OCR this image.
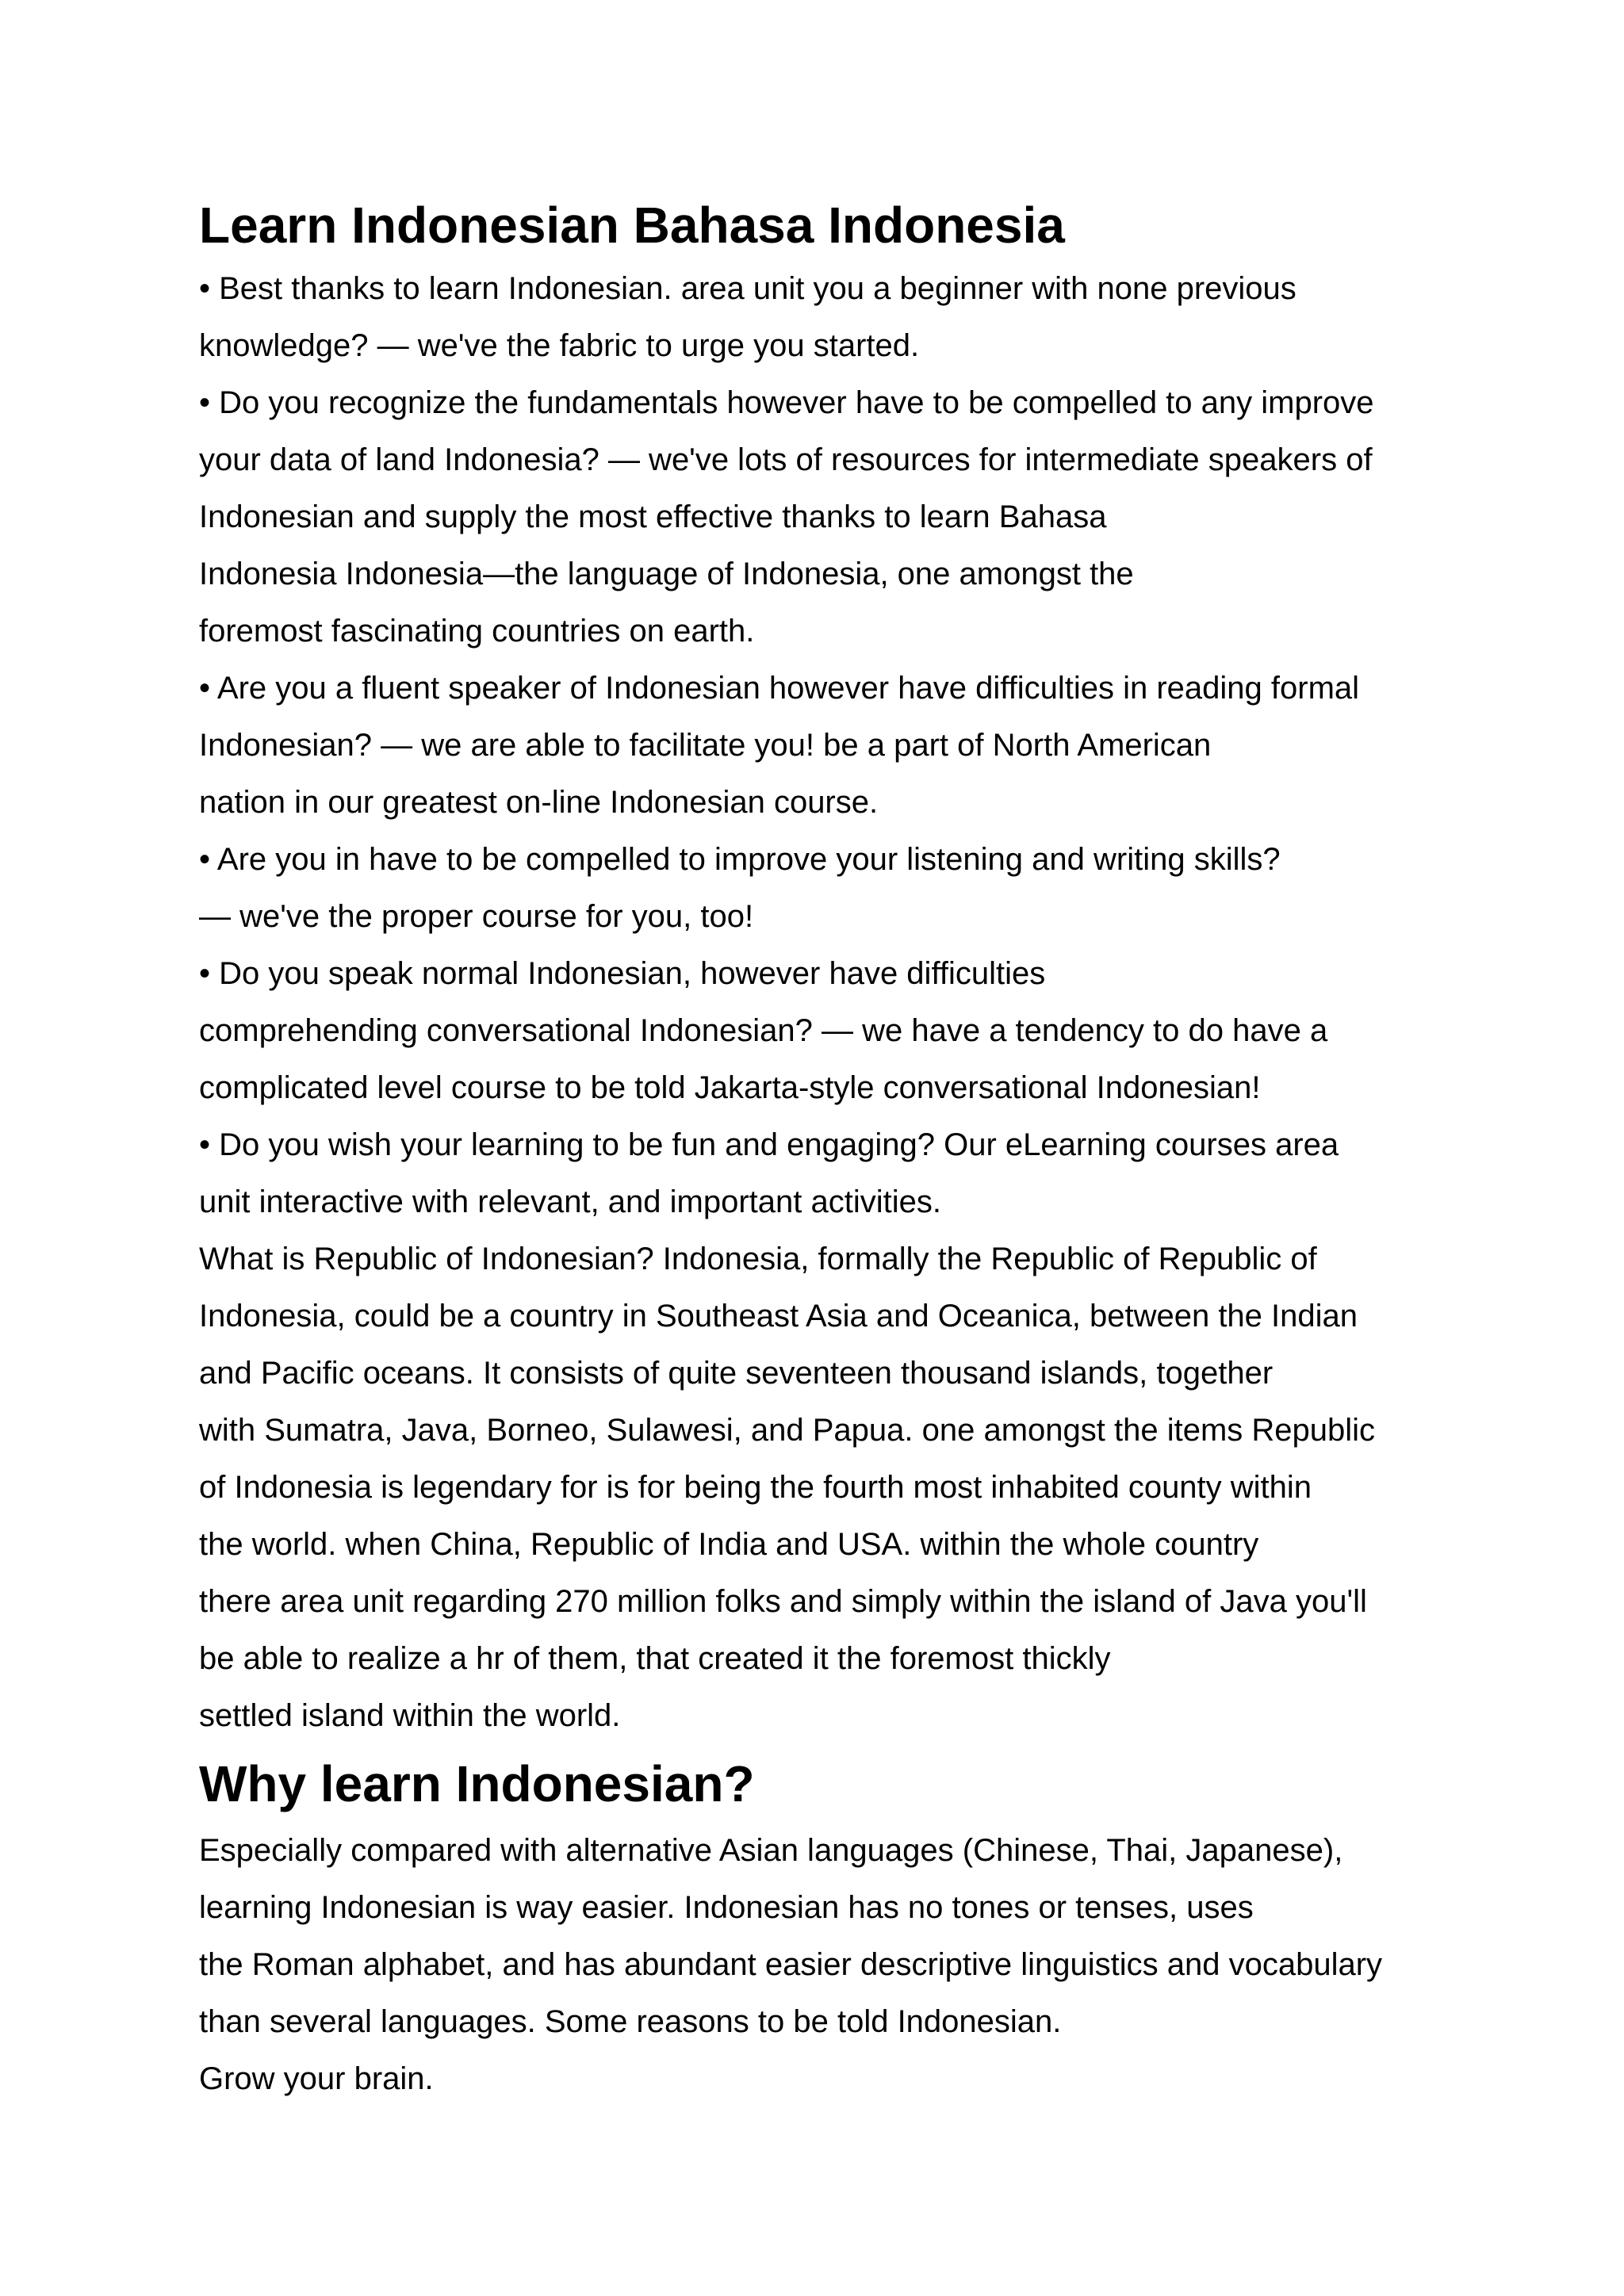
Learn Indonesian Bahasa Indonesia
• Best thanks to learn Indonesian. area unit you a beginner with none previous
knowledge? — we've the fabric to urge you started.
• Do you recognize the fundamentals however have to be compelled to any improve
your data of land Indonesia? — we've lots of resources for intermediate speakers of
Indonesian and supply the most effective thanks to learn Bahasa
Indonesia Indonesia—the language of Indonesia, one amongst the
foremost fascinating countries on earth.
• Are you a fluent speaker of Indonesian however have difficulties in reading formal
Indonesian? — we are able to facilitate you! be a part of North American
nation in our greatest on-line Indonesian course.
• Are you in have to be compelled to improve your listening and writing skills?
— we've the proper course for you, too!
• Do you speak normal Indonesian, however have difficulties
comprehending conversational Indonesian? — we have a tendency to do have a
complicated level course to be told Jakarta-style conversational Indonesian!
• Do you wish your learning to be fun and engaging? Our eLearning courses area
unit interactive with relevant, and important activities.
What is Republic of Indonesian? Indonesia, formally the Republic of Republic of
Indonesia, could be a country in Southeast Asia and Oceanica, between the Indian
and Pacific oceans. It consists of quite seventeen thousand islands, together
with Sumatra, Java, Borneo, Sulawesi, and Papua. one amongst the items Republic
of Indonesia is legendary for is for being the fourth most inhabited county within
the world. when China, Republic of India and USA. within the whole country
there area unit regarding 270 million folks and simply within the island of Java you'll
be able to realize a hr of them, that created it the foremost thickly
settled island within the world.
Why learn Indonesian?
Especially compared with alternative Asian languages (Chinese, Thai, Japanese),
learning Indonesian is way easier. Indonesian has no tones or tenses, uses
the Roman alphabet, and has abundant easier descriptive linguistics and vocabulary
than several languages. Some reasons to be told Indonesian.
Grow your brain.
